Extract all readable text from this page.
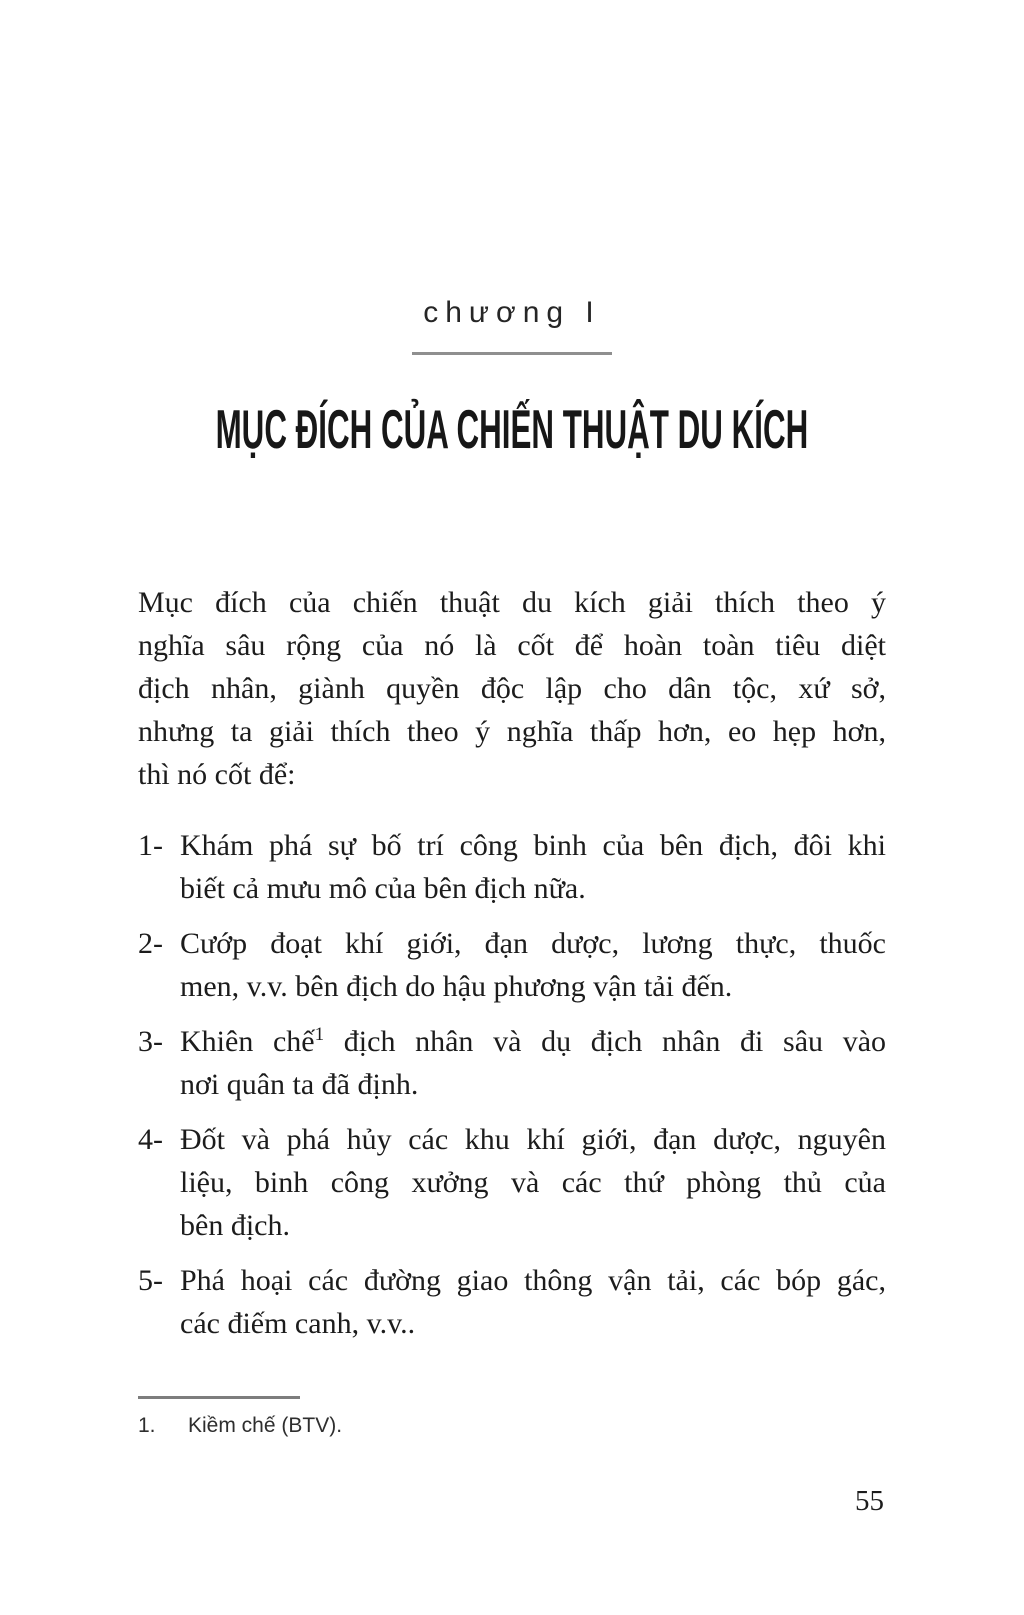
chương I
MỤC ĐÍCH CỦA CHIẾN THUẬT DU KÍCH
Mục đích của chiến thuật du kích giải thích theo ý
nghĩa sâu rộng của nó là cốt để hoàn toàn tiêu diệt
địch nhân, giành quyền độc lập cho dân tộc, xứ sở,
nhưng ta giải thích theo ý nghĩa thấp hơn, eo hẹp hơn,
thì nó cốt để:
1- Khám phá sự bố trí công binh của bên địch, đôi khi
biết cả mưu mô của bên địch nữa.
2- Cướp đoạt khí giới, đạn dược, lương thực, thuốc
men, v.v. bên địch do hậu phương vận tải đến.
3- Khiên chế$^1$ địch nhân và dụ địch nhân đi sâu vào
nơi quân ta đã định.
4- Đốt và phá hủy các khu khí giới, đạn dược, nguyên
liệu, binh công xưởng và các thứ phòng thủ của
bên địch.
5- Phá hoại các đường giao thông vận tải, các bóp gác,
các điếm canh, v.v..
1.	Kiềm chế (BTV).
55
